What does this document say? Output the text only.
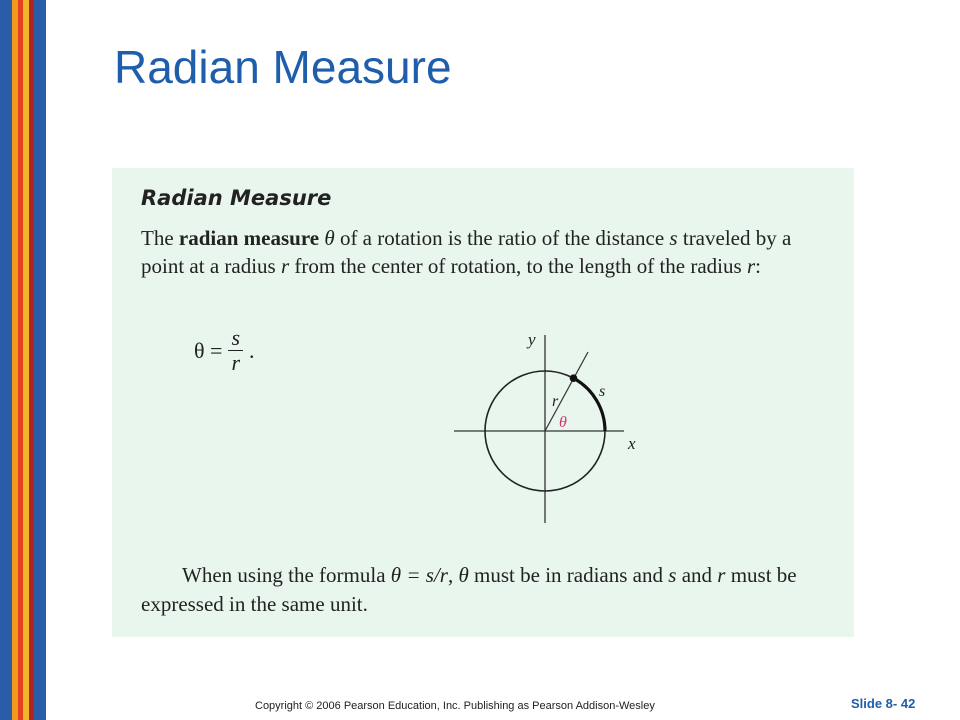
Radian Measure
Radian Measure
The radian measure θ of a rotation is the ratio of the distance s traveled by a point at a radius r from the center of rotation, to the length of the radius r:
$\theta = \frac{s}{r}$ .	y
x
r
s
θ
When using the formula θ = s/r, θ must be in radians and s and r must be expressed in the same unit.
Copyright © 2006 Pearson Education, Inc. Publishing as Pearson Addison-Wesley	Slide 8- 42
